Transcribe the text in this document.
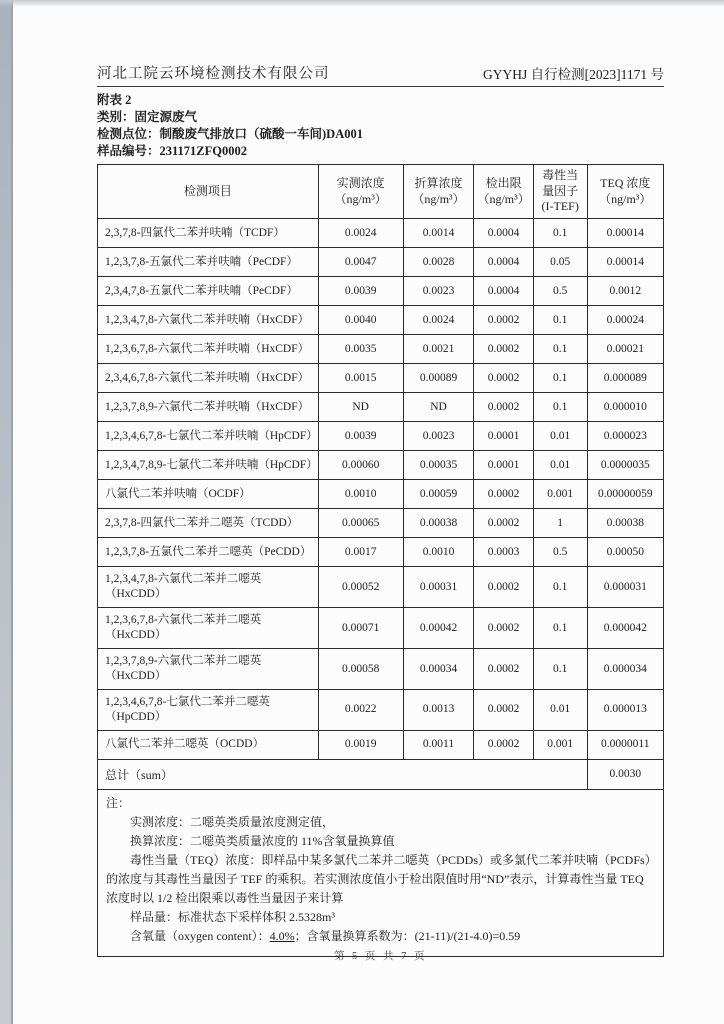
河北工院云环境检测技术有限公司	GYYHJ 自行检测[2023]1171 号
附表 2
类别：固定源废气
检测点位：制酸废气排放口（硫酸一车间)DA001
样品编号：231171ZFQ0002
检测项目

实测浓度
（ng/m³）

折算浓度
（ng/m³）

检出限
（ng/m³）

毒性当
量因子
(I-TEF)

TEQ 浓度
（ng/m³）

2,3,7,8-四氯代二苯并呋喃（TCDF）	0.0024	0.0014	0.0004	0.1	0.00014
1,2,3,7,8-五氯代二苯并呋喃（PeCDF）	0.0047	0.0028	0.0004	0.05	0.00014
2,3,4,7,8-五氯代二苯并呋喃（PeCDF）	0.0039	0.0023	0.0004	0.5	0.0012
1,2,3,4,7,8-六氯代二苯并呋喃（HxCDF）	0.0040	0.0024	0.0002	0.1	0.00024
1,2,3,6,7,8-六氯代二苯并呋喃（HxCDF）	0.0035	0.0021	0.0002	0.1	0.00021
2,3,4,6,7,8-六氯代二苯并呋喃（HxCDF）	0.0015	0.00089	0.0002	0.1	0.000089
1,2,3,7,8,9-六氯代二苯并呋喃（HxCDF）	ND	ND	0.0002	0.1	0.000010
1,2,3,4,6,7,8-七氯代二苯并呋喃（HpCDF）	0.0039	0.0023	0.0001	0.01	0.000023
1,2,3,4,7,8,9-七氯代二苯并呋喃（HpCDF）	0.00060	0.00035	0.0001	0.01	0.0000035
八氯代二苯并呋喃（OCDF）	0.0010	0.00059	0.0002	0.001	0.00000059
2,3,7,8-四氯代二苯并二噁英（TCDD）	0.00065	0.00038	0.0002	1	0.00038
1,2,3,7,8-五氯代二苯并二噁英（PeCDD）	0.0017	0.0010	0.0003	0.5	0.00050
1,2,3,4,7,8-六氯代二苯并二噁英（HxCDD）	0.00052	0.00031	0.0002	0.1	0.000031
1,2,3,6,7,8-六氯代二苯并二噁英（HxCDD）	0.00071	0.00042	0.0002	0.1	0.000042
1,2,3,7,8,9-六氯代二苯并二噁英（HxCDD）	0.00058	0.00034	0.0002	0.1	0.000034
1,2,3,4,6,7,8-七氯代二苯并二噁英（HpCDD）	0.0022	0.0013	0.0002	0.01	0.000013
八氯代二苯并二噁英（OCDD）	0.0019	0.0011	0.0002	0.001	0.0000011
总计（sum）					0.0030

注：
实测浓度：二噁英类质量浓度测定值，
换算浓度：二噁英类质量浓度的 11%含氧量换算值
毒性当量（TEQ）浓度：即样品中某多氯代二苯并二噁英（PCDDs）或多氯代二苯并呋喃（PCDFs）的浓度与其毒性当量因子 TEF 的乘积。若实测浓度值小于检出限值时用“ND”表示，计算毒性当量 TEQ 浓度时以 1/2 检出限乘以毒性当量因子来计算
样品量：标准状态下采样体积 2.5328m³
含氧量（oxygen content）：4.0%；含氧量换算系数为：(21-11)/(21-4.0)=0.59
第 5 页 共 7 页
